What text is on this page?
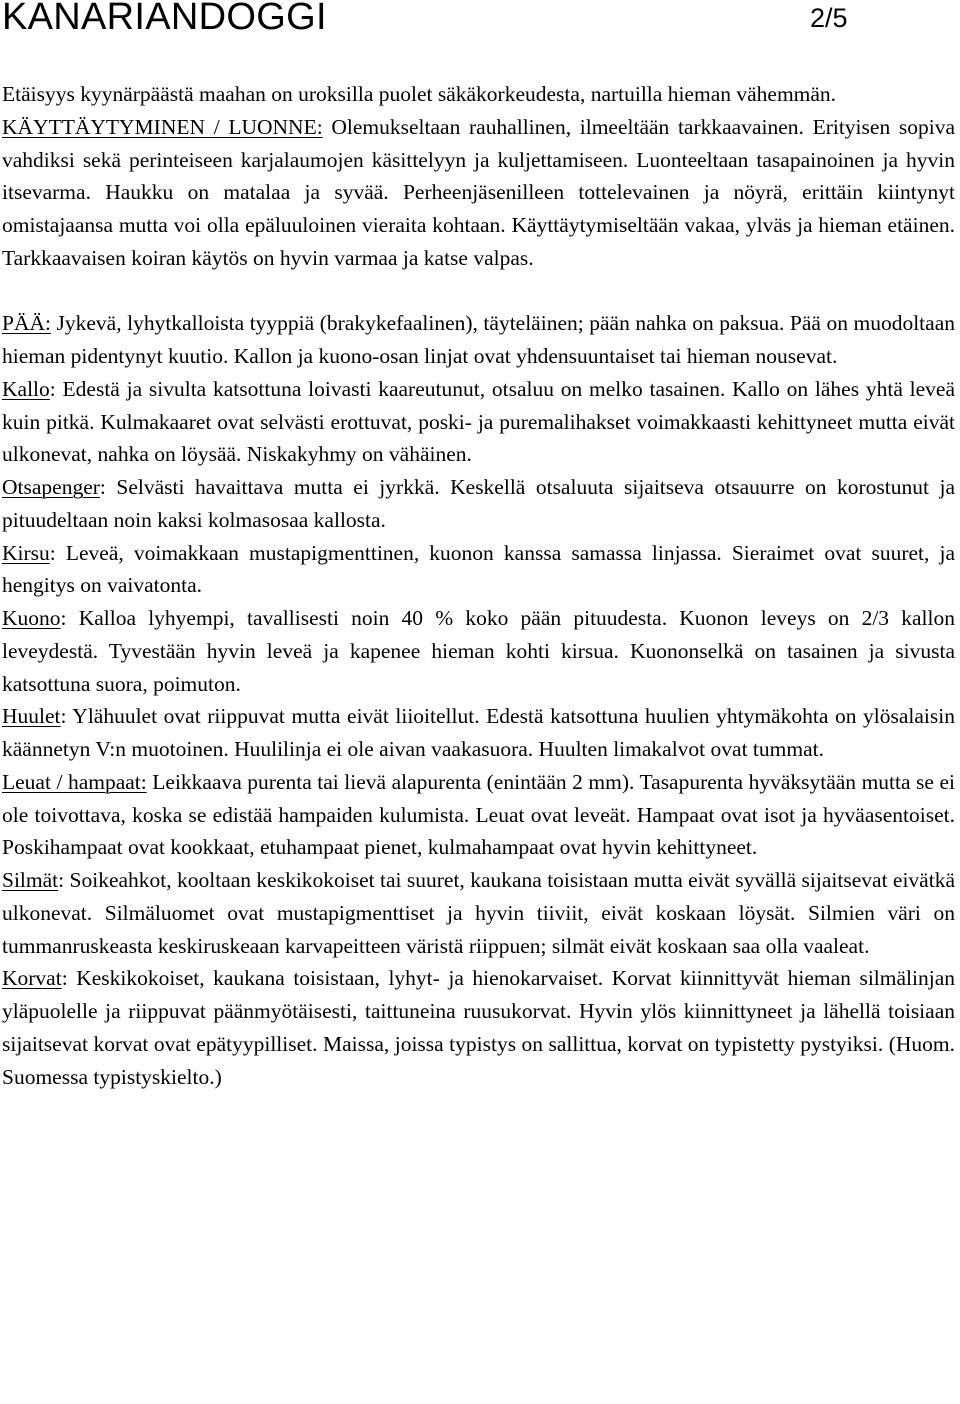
KANARIANDOGGI	2/5

Etäisyys kyynärpäästä maahan on uroksilla puolet säkäkorkeudesta, nartuilla hieman vähemmän.

KÄYTTÄYTYMINEN / LUONNE: Olemukseltaan rauhallinen, ilmeeltään tarkkaavainen. Erityisen sopiva vahdiksi sekä perinteiseen karjalaumojen käsittelyyn ja kuljettamiseen. Luonteeltaan tasapainoinen ja hyvin itsevarma. Haukku on matalaa ja syvää. Perheenjäsenilleen tottelevainen ja nöyrä, erittäin kiintynyt omistajaansa mutta voi olla epäluuloinen vieraita kohtaan. Käyttäytymiseltään vakaa, ylväs ja hieman etäinen. Tarkkaavaisen koiran käytös on hyvin varmaa ja katse valpas.

PÄÄ: Jykevä, lyhytkalloista tyyppiä (brakykefaalinen), täyteläinen; pään nahka on paksua. Pää on muodoltaan hieman pidentynyt kuutio. Kallon ja kuono-osan linjat ovat yhdensuuntaiset tai hieman nousevat.

Kallo: Edestä ja sivulta katsottuna loivasti kaareutunut, otsaluu on melko tasainen. Kallo on lähes yhtä leveä kuin pitkä. Kulmakaaret ovat selvästi erottuvat, poski- ja puremalihakset voimakkaasti kehittyneet mutta eivät ulkonevat, nahka on löysää. Niskakyhmy on vähäinen.

Otsapenger: Selvästi havaittava mutta ei jyrkkä. Keskellä otsaluuta sijaitseva otsauurre on korostunut ja pituudeltaan noin kaksi kolmasosaa kallosta.

Kirsu: Leveä, voimakkaan mustapigmenttinen, kuonon kanssa samassa linjassa. Sieraimet ovat suuret, ja hengitys on vaivatonta.

Kuono: Kalloa lyhyempi, tavallisesti noin 40 % koko pään pituudesta. Kuonon leveys on 2/3 kallon leveydestä. Tyvestään hyvin leveä ja kapenee hieman kohti kirsua. Kuononselkä on tasainen ja sivusta katsottuna suora, poimuton.

Huulet: Ylähuulet ovat riippuvat mutta eivät liioitellut. Edestä katsottuna huulien yhtymäkohta on ylösalaisin käännetyn V:n muotoinen. Huulilinja ei ole aivan vaakasuora. Huulten limakalvot ovat tummat.

Leuat / hampaat: Leikkaava purenta tai lievä alapurenta (enintään 2 mm). Tasapurenta hyväksytään mutta se ei ole toivottava, koska se edistää hampaiden kulumista. Leuat ovat leveät. Hampaat ovat isot ja hyväasentoiset. Poskihampaat ovat kookkaat, etuhampaat pienet, kulmahampaat ovat hyvin kehittyneet.

Silmät: Soikeahkot, kooltaan keskikokoiset tai suuret, kaukana toisistaan mutta eivät syvällä sijaitsevat eivätkä ulkonevat. Silmäluomet ovat mustapigmenttiset ja hyvin tiiviit, eivät koskaan löysät. Silmien väri on tummanruskeasta keskiruskeaan karvapeitteen väristä riippuen; silmät eivät koskaan saa olla vaaleat.

Korvat: Keskikokoiset, kaukana toisistaan, lyhyt- ja hienokarvaiset. Korvat kiinnittyvät hieman silmälinjan yläpuolelle ja riippuvat päänmyötäisesti, taittuneina ruusukorvat. Hyvin ylös kiinnittyneet ja lähellä toisiaan sijaitsevat korvat ovat epätyypilliset. Maissa, joissa typistys on sallittua, korvat on typistetty pystyiksi. (Huom. Suomessa typistyskielto.)
